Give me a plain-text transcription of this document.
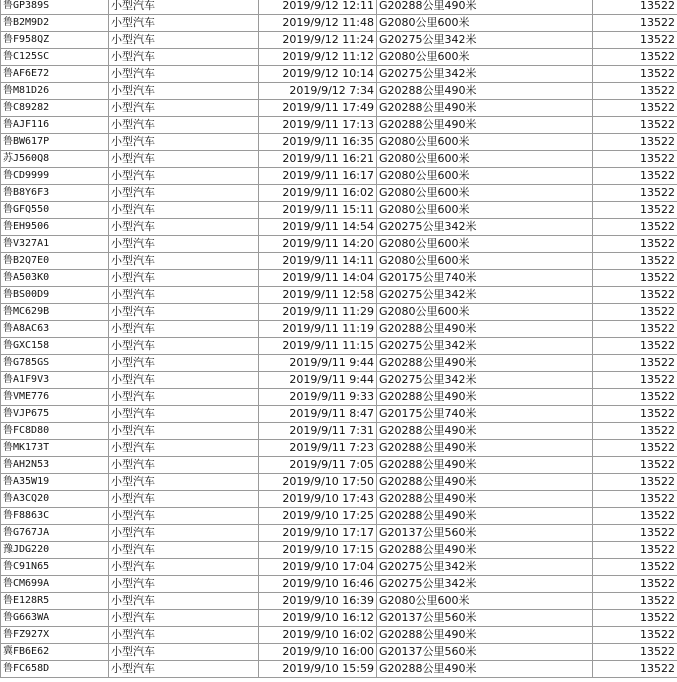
鲁GP389S	小型汽车	2019/9/12 12:11	G20288公里490米	13522
鲁B2M9D2	小型汽车	2019/9/12 11:48	G2080公里600米	13522
鲁F958QZ	小型汽车	2019/9/12 11:24	G20275公里342米	13522
鲁C125SC	小型汽车	2019/9/12 11:12	G2080公里600米	13522
鲁AF6E72	小型汽车	2019/9/12 10:14	G20275公里342米	13522
鲁M81D26	小型汽车	2019/9/12 7:34	G20288公里490米	13522
鲁C89282	小型汽车	2019/9/11 17:49	G20288公里490米	13522
鲁AJF116	小型汽车	2019/9/11 17:13	G20288公里490米	13522
鲁BW617P	小型汽车	2019/9/11 16:35	G2080公里600米	13522
苏J560Q8	小型汽车	2019/9/11 16:21	G2080公里600米	13522
鲁CD9999	小型汽车	2019/9/11 16:17	G2080公里600米	13522
鲁B8Y6F3	小型汽车	2019/9/11 16:02	G2080公里600米	13522
鲁GFQ550	小型汽车	2019/9/11 15:11	G2080公里600米	13522
鲁EH9506	小型汽车	2019/9/11 14:54	G20275公里342米	13522
鲁V327A1	小型汽车	2019/9/11 14:20	G2080公里600米	13522
鲁B2Q7E0	小型汽车	2019/9/11 14:11	G2080公里600米	13522
鲁A503K0	小型汽车	2019/9/11 14:04	G20175公里740米	13522
鲁BS00D9	小型汽车	2019/9/11 12:58	G20275公里342米	13522
鲁MC629B	小型汽车	2019/9/11 11:29	G2080公里600米	13522
鲁A8AC63	小型汽车	2019/9/11 11:19	G20288公里490米	13522
鲁GXC158	小型汽车	2019/9/11 11:15	G20275公里342米	13522
鲁G785GS	小型汽车	2019/9/11 9:44	G20288公里490米	13522
鲁A1F9V3	小型汽车	2019/9/11 9:44	G20275公里342米	13522
鲁VME776	小型汽车	2019/9/11 9:33	G20288公里490米	13522
鲁VJP675	小型汽车	2019/9/11 8:47	G20175公里740米	13522
鲁FC8D80	小型汽车	2019/9/11 7:31	G20288公里490米	13522
鲁MK173T	小型汽车	2019/9/11 7:23	G20288公里490米	13522
鲁AH2N53	小型汽车	2019/9/11 7:05	G20288公里490米	13522
鲁A35W19	小型汽车	2019/9/10 17:50	G20288公里490米	13522
鲁A3CQ20	小型汽车	2019/9/10 17:43	G20288公里490米	13522
鲁F8863C	小型汽车	2019/9/10 17:25	G20288公里490米	13522
鲁G767JA	小型汽车	2019/9/10 17:17	G20137公里560米	13522
豫JDG220	小型汽车	2019/9/10 17:15	G20288公里490米	13522
鲁C91N65	小型汽车	2019/9/10 17:04	G20275公里342米	13522
鲁CM699A	小型汽车	2019/9/10 16:46	G20275公里342米	13522
鲁E128R5	小型汽车	2019/9/10 16:39	G2080公里600米	13522
鲁G663WA	小型汽车	2019/9/10 16:12	G20137公里560米	13522
鲁FZ927X	小型汽车	2019/9/10 16:02	G20288公里490米	13522
冀FB6E62	小型汽车	2019/9/10 16:00	G20137公里560米	13522
鲁FC658D	小型汽车	2019/9/10 15:59	G20288公里490米	13522
